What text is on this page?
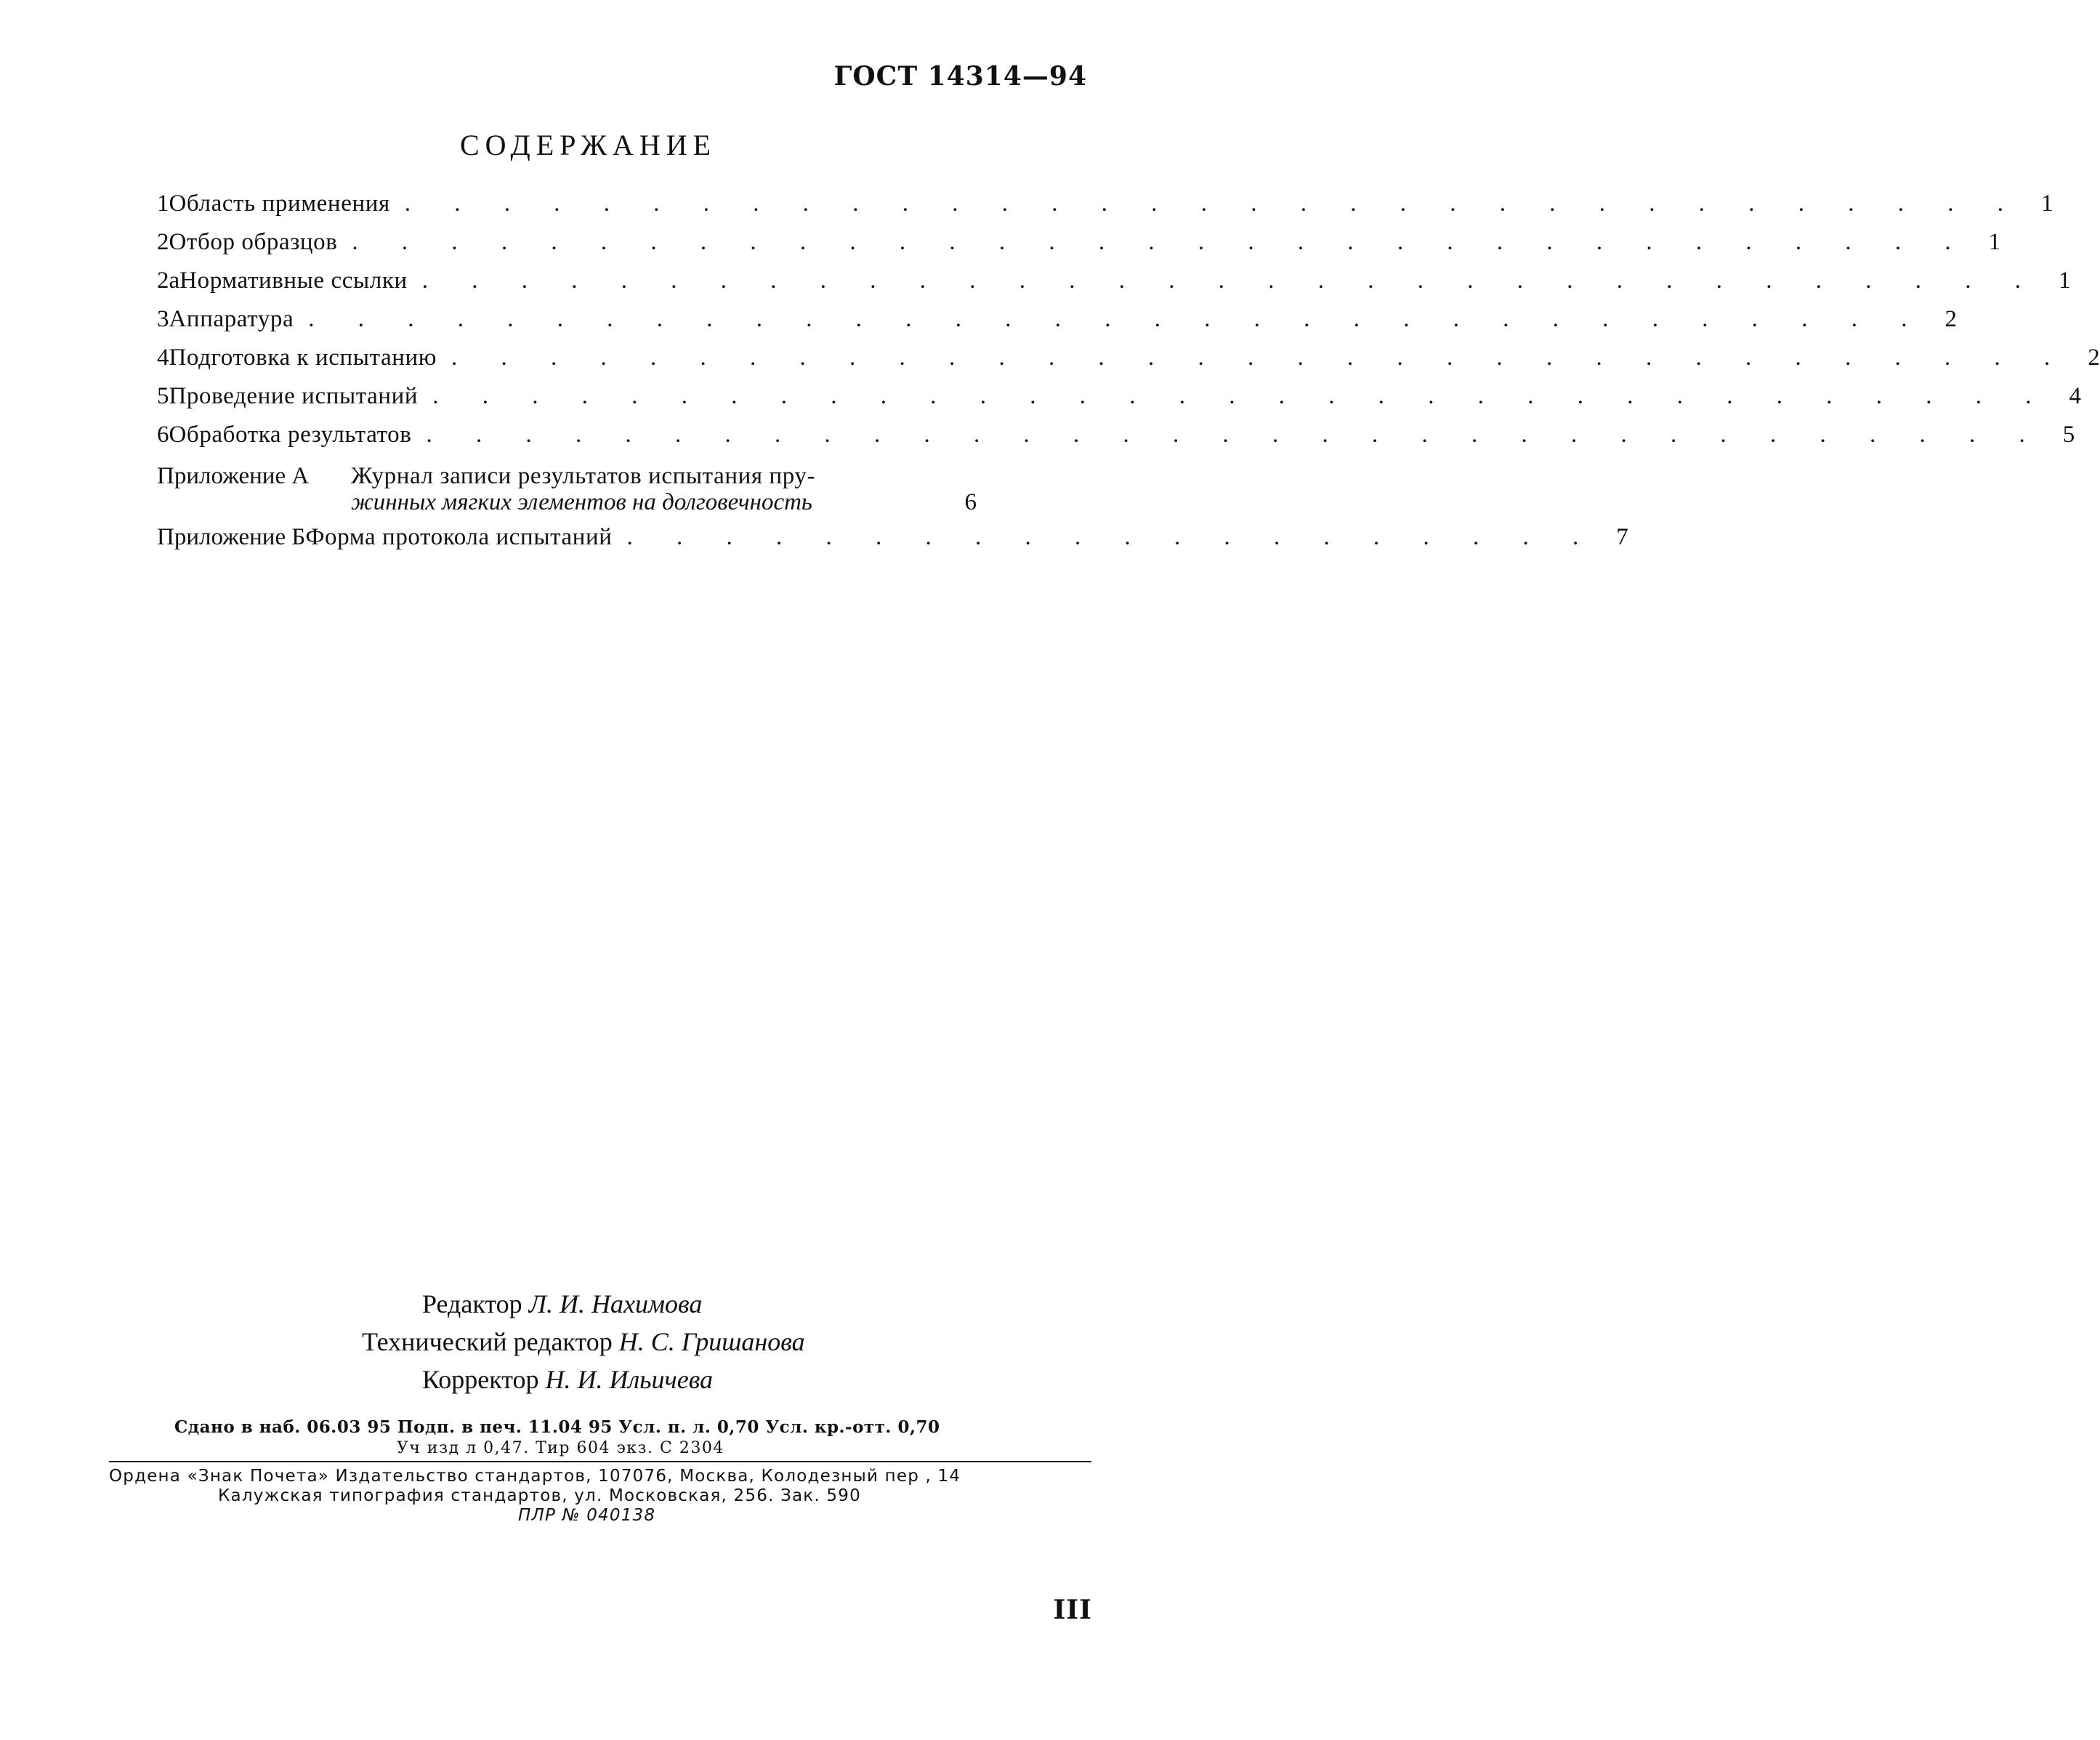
ГОСТ 14314—94
СОДЕРЖАНИЕ
1 Область применения . . . . . . . . . . . . . . . . . . . . . . . . . . . . . . . . . 1
2 Отбор образцов . . . . . . . . . . . . . . . . . . . . . . . . . . . . . . . . . 1
2а Нормативные ссылки . . . . . . . . . . . . . . . . . . . . . . . . . . . . . . . . . 1
3 Аппаратура . . . . . . . . . . . . . . . . . . . . . . . . . . . . . . . . . 2
4 Подготовка к испытанию . . . . . . . . . . . . . . . . . . . . . . . . . . . . . . . . . 2
5 Проведение испытаний . . . . . . . . . . . . . . . . . . . . . . . . . . . . . . . . . 4
6 Обработка результатов . . . . . . . . . . . . . . . . . . . . . . . . . . . . . . . . . 5
Приложение А	Журнал записи результатов испытания пру-
жинных мягких элементов на долговечность	6
Приложение Б Форма протокола испытаний . . . . . . . . . . . . . . . . . . . . 7
Редактор Л. И. Нахимова
Технический редактор Н. С. Гришанова
Корректор Н. И. Ильичева
Сдано в наб. 06.03 95 Подп. в печ. 11.04 95 Усл. п. л. 0,70 Усл. кр.-отт. 0,70
Уч изд л 0,47. Тир 604 экз. С 2304
Ордена «Знак Почета» Издательство стандартов, 107076, Москва, Колодезный пер , 14
Калужская типография стандартов, ул. Московская, 256. Зак. 590
ПЛР № 040138
III
